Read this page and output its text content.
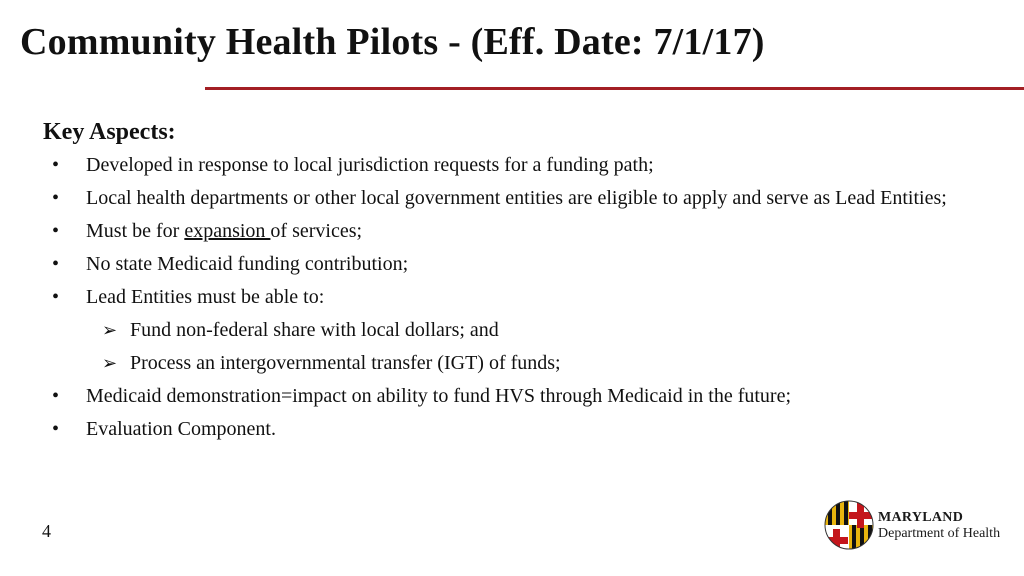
Community Health Pilots - (Eff. Date: 7/1/17)
Key Aspects:
• Developed in response to local jurisdiction requests for a funding path;
• Local health departments or other local government entities are eligible to apply and serve as Lead Entities;
• Must be for expansion of services;
• No state Medicaid funding contribution;
• Lead Entities must be able to:
➢ Fund non-federal share with local dollars; and
➢ Process an intergovernmental transfer (IGT) of funds;
• Medicaid demonstration=impact on ability to fund HVS through Medicaid in the future;
• Evaluation Component.
4
MARYLAND
Department of Health
